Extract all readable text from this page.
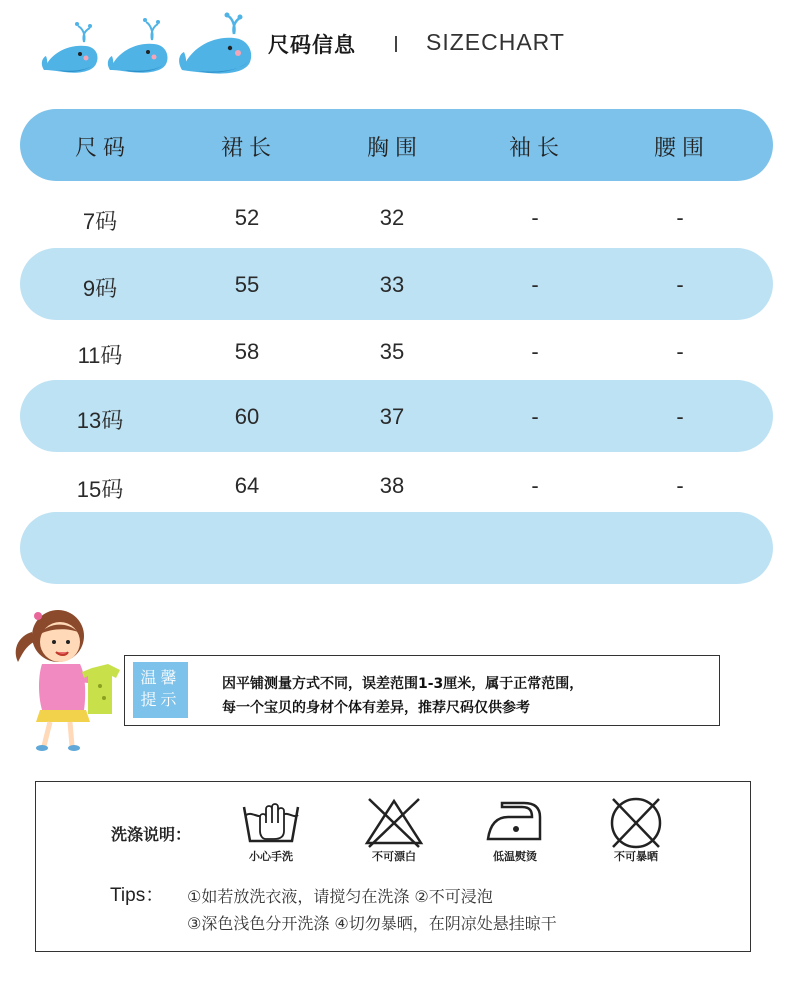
尺码信息	SIZECHART
尺码	裙长	胸围	袖长	腰围
7码	52	32	-	-
9码	55	33	-	-
11码	58	35	-	-
13码	60	37	-	-
15码	64	38	-	-
温馨
提示
因平铺测量方式不同，误差范围1-3厘米，属于正常范围，
每一个宝贝的身材个体有差异，推荐尺码仅供参考
洗涤说明：
小心手洗	不可漂白	低温熨烫	不可暴晒
Tips： ①如若放洗衣液，请搅匀在洗涤 ②不可浸泡
③深色浅色分开洗涤 ④切勿暴晒，在阴凉处悬挂晾干
